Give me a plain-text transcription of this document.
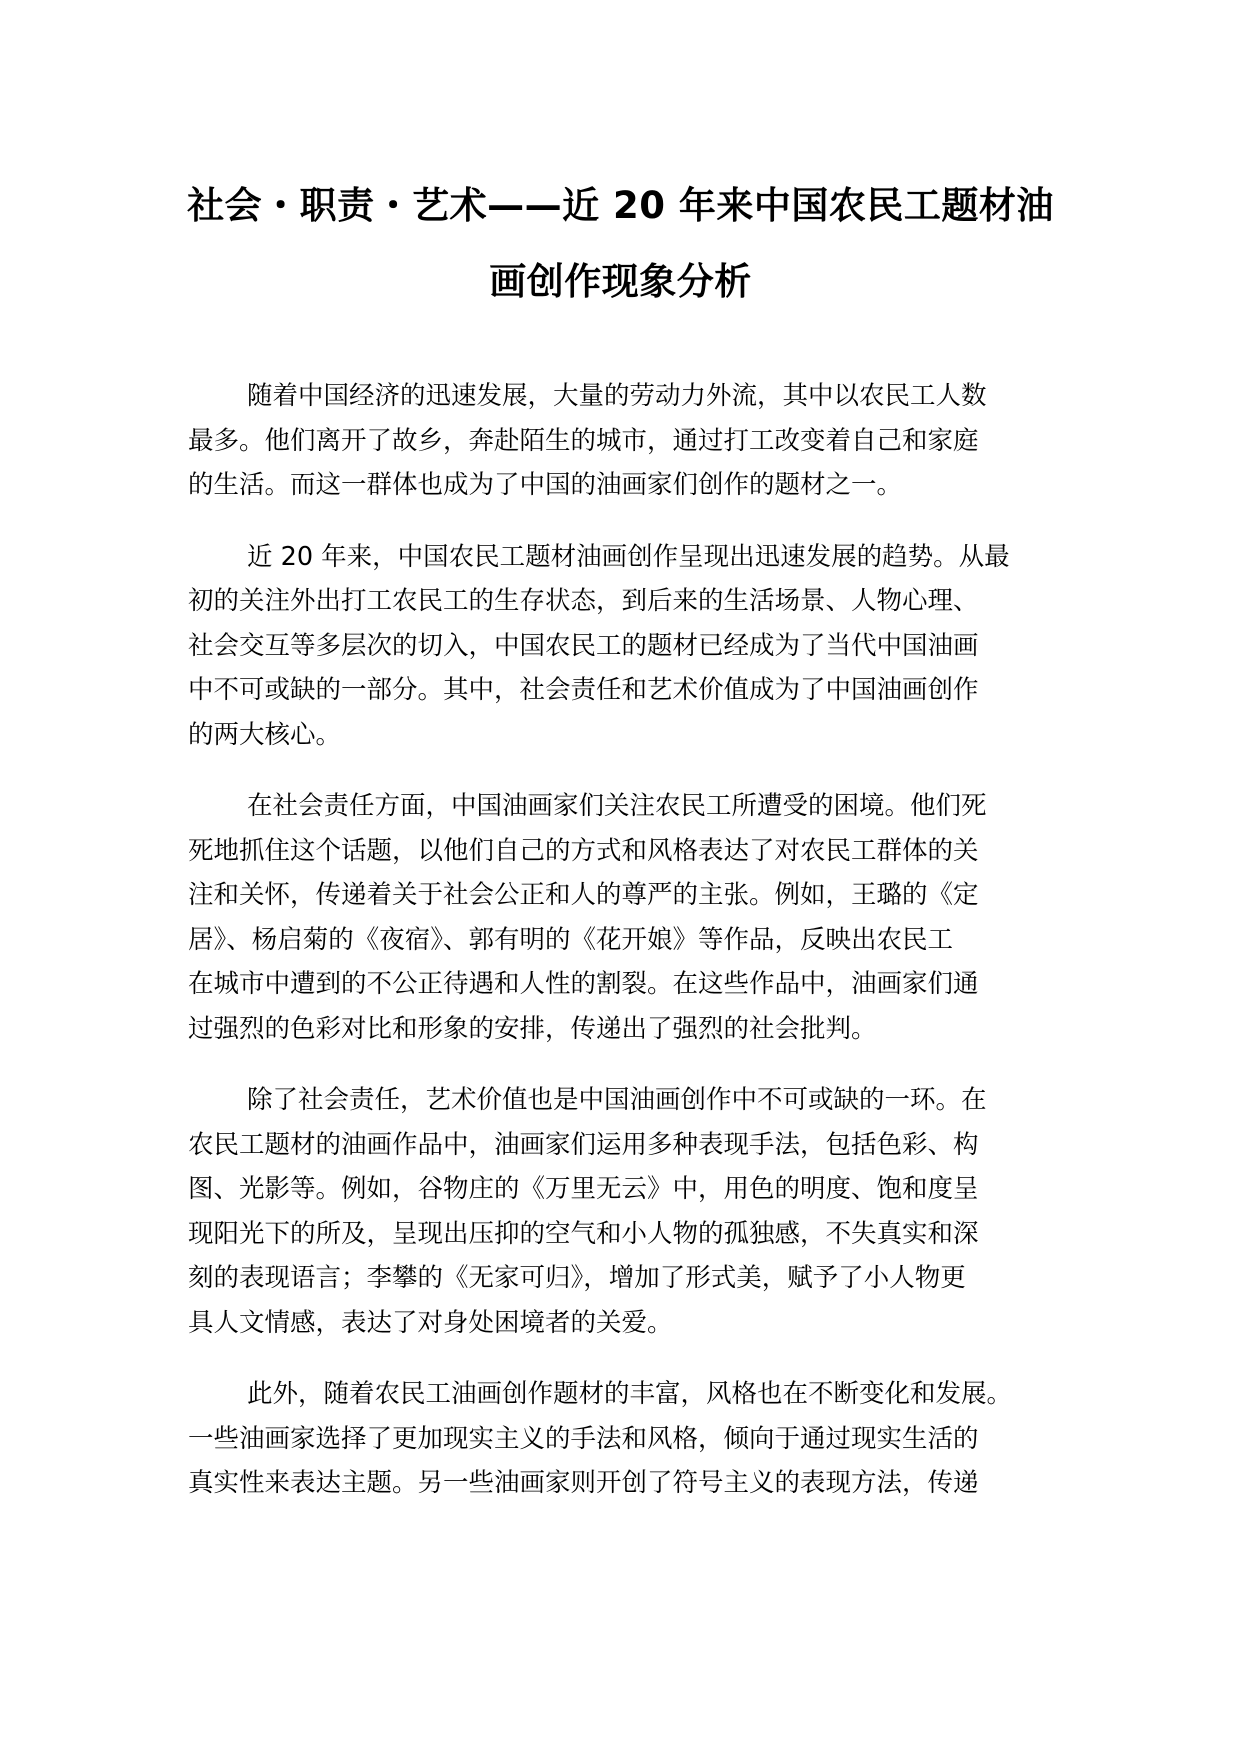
社会・职责・艺术——近 20 年来中国农民工题材油
画创作现象分析

随着中国经济的迅速发展，大量的劳动力外流，其中以农民工人数
最多。他们离开了故乡，奔赴陌生的城市，通过打工改变着自己和家庭
的生活。而这一群体也成为了中国的油画家们创作的题材之一。

近 20 年来，中国农民工题材油画创作呈现出迅速发展的趋势。从最
初的关注外出打工农民工的生存状态，到后来的生活场景、人物心理、
社会交互等多层次的切入，中国农民工的题材已经成为了当代中国油画
中不可或缺的一部分。其中，社会责任和艺术价值成为了中国油画创作
的两大核心。

在社会责任方面，中国油画家们关注农民工所遭受的困境。他们死
死地抓住这个话题，以他们自己的方式和风格表达了对农民工群体的关
注和关怀，传递着关于社会公正和人的尊严的主张。例如，王璐的《定
居》、杨启菊的《夜宿》、郭有明的《花开娘》等作品，反映出农民工
在城市中遭到的不公正待遇和人性的割裂。在这些作品中，油画家们通
过强烈的色彩对比和形象的安排，传递出了强烈的社会批判。

除了社会责任，艺术价值也是中国油画创作中不可或缺的一环。在
农民工题材的油画作品中，油画家们运用多种表现手法，包括色彩、构
图、光影等。例如，谷物庄的《万里无云》中，用色的明度、饱和度呈
现阳光下的所及，呈现出压抑的空气和小人物的孤独感，不失真实和深
刻的表现语言；李攀的《无家可归》，增加了形式美，赋予了小人物更
具人文情感，表达了对身处困境者的关爱。

此外，随着农民工油画创作题材的丰富，风格也在不断变化和发展。
一些油画家选择了更加现实主义的手法和风格，倾向于通过现实生活的
真实性来表达主题。另一些油画家则开创了符号主义的表现方法，传递
